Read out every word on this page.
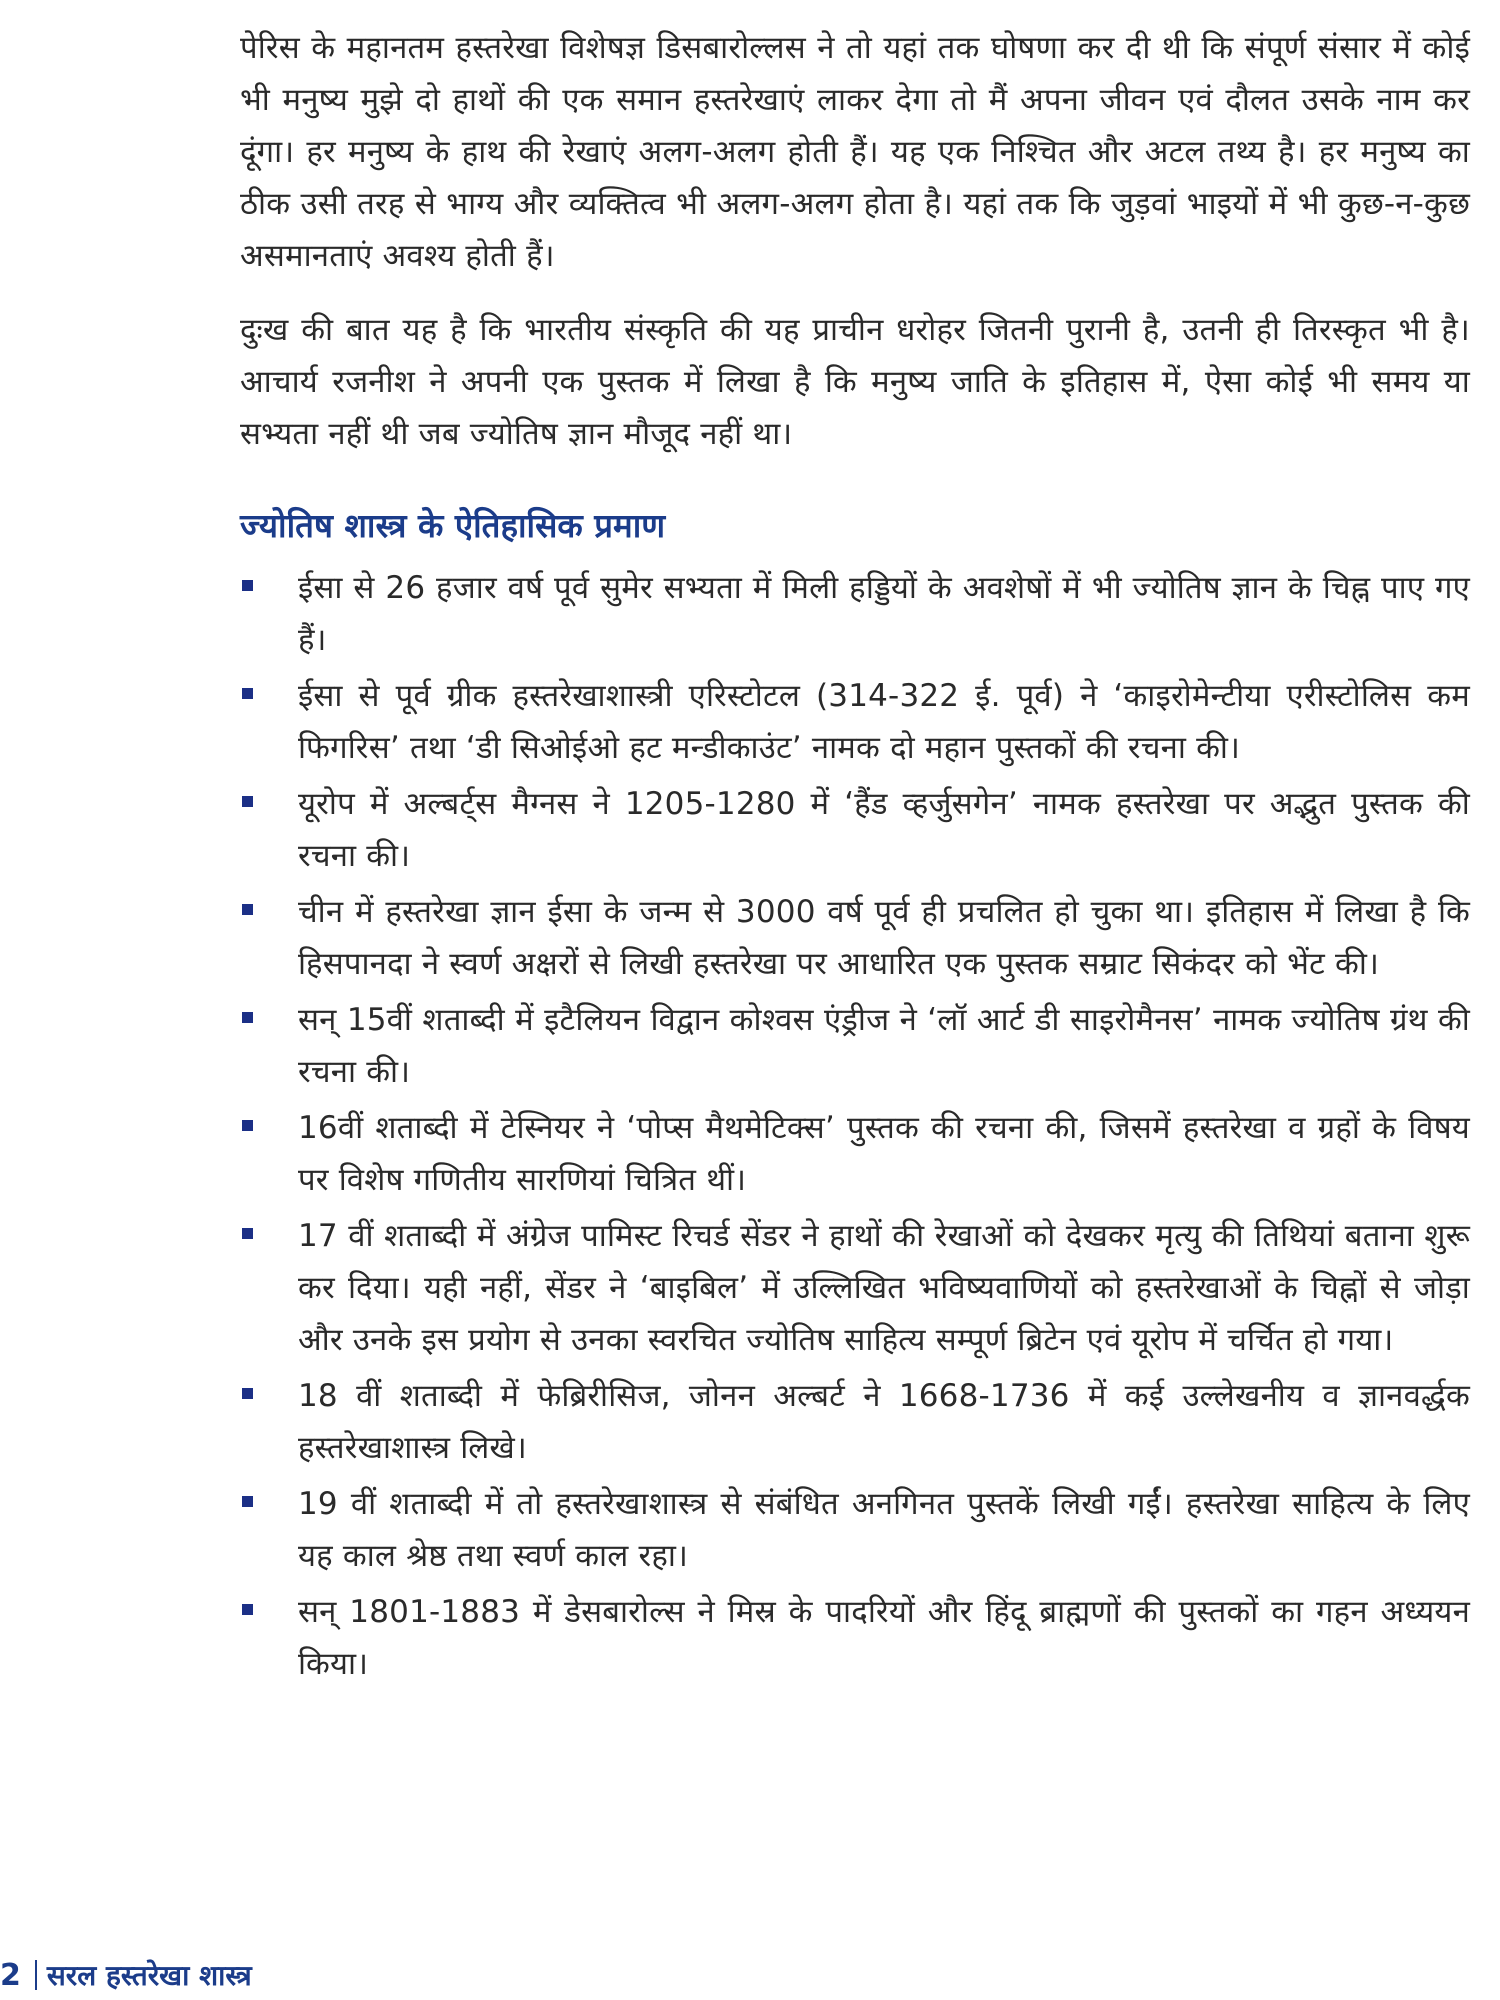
पेरिस के महानतम हस्तरेखा विशेषज्ञ डिसबारोल्लस ने तो यहां तक घोषणा कर दी थी कि संपूर्ण संसार में कोई भी मनुष्य मुझे दो हाथों की एक समान हस्तरेखाएं लाकर देगा तो मैं अपना जीवन एवं दौलत उसके नाम कर दूंगा। हर मनुष्य के हाथ की रेखाएं अलग-अलग होती हैं। यह एक निश्चित और अटल तथ्य है। हर मनुष्य का ठीक उसी तरह से भाग्य और व्यक्तित्व भी अलग-अलग होता है। यहां तक कि जुड़वां भाइयों में भी कुछ-न-कुछ असमानताएं अवश्य होती हैं।

दुःख की बात यह है कि भारतीय संस्कृति की यह प्राचीन धरोहर जितनी पुरानी है, उतनी ही तिरस्कृत भी है। आचार्य रजनीश ने अपनी एक पुस्तक में लिखा है कि मनुष्य जाति के इतिहास में, ऐसा कोई भी समय या सभ्यता नहीं थी जब ज्योतिष ज्ञान मौजूद नहीं था।

ज्योतिष शास्त्र के ऐतिहासिक प्रमाण
ईसा से 26 हजार वर्ष पूर्व सुमेर सभ्यता में मिली हड्डियों के अवशेषों में भी ज्योतिष ज्ञान के चिह्न पाए गए हैं।
ईसा से पूर्व ग्रीक हस्तरेखाशास्त्री एरिस्टोटल (314-322 ई. पूर्व) ने ‘काइरोमेन्टीया एरीस्टोलिस कम फिगरिस’ तथा ‘डी सिओईओ हट मन्डीकाउंट’ नामक दो महान पुस्तकों की रचना की।
यूरोप में अल्बर्ट्स मैग्नस ने 1205-1280 में ‘हैंड व्हर्जुसगेन’ नामक हस्तरेखा पर अद्भुत पुस्तक की रचना की।
चीन में हस्तरेखा ज्ञान ईसा के जन्म से 3000 वर्ष पूर्व ही प्रचलित हो चुका था। इतिहास में लिखा है कि हिसपानदा ने स्वर्ण अक्षरों से लिखी हस्तरेखा पर आधारित एक पुस्तक सम्राट सिकंदर को भेंट की।
सन् 15वीं शताब्दी में इटैलियन विद्वान कोश्वस एंड्रीज ने ‘लॉ आर्ट डी साइरोमैनस’ नामक ज्योतिष ग्रंथ की रचना की।
16वीं शताब्दी में टेस्नियर ने ‘पोप्स मैथमेटिक्स’ पुस्तक की रचना की, जिसमें हस्तरेखा व ग्रहों के विषय पर विशेष गणितीय सारणियां चित्रित थीं।
17 वीं शताब्दी में अंग्रेज पामिस्ट रिचर्ड सेंडर ने हाथों की रेखाओं को देखकर मृत्यु की तिथियां बताना शुरू कर दिया। यही नहीं, सेंडर ने ‘बाइबिल’ में उल्लिखित भविष्यवाणियों को हस्तरेखाओं के चिह्नों से जोड़ा और उनके इस प्रयोग से उनका स्वरचित ज्योतिष साहित्य सम्पूर्ण ब्रिटेन एवं यूरोप में चर्चित हो गया।
18 वीं शताब्दी में फेब्रिरीसिज, जोनन अल्बर्ट ने 1668-1736 में कई उल्लेखनीय व ज्ञानवर्द्धक हस्तरेखाशास्त्र लिखे।
19 वीं शताब्दी में तो हस्तरेखाशास्त्र से संबंधित अनगिनत पुस्तकें लिखी गईं। हस्तरेखा साहित्य के लिए यह काल श्रेष्ठ तथा स्वर्ण काल रहा।
सन् 1801-1883 में डेसबारोल्स ने मिस्र के पादरियों और हिंदू ब्राह्मणों की पुस्तकों का गहन अध्ययन किया।
2 सरल हस्तरेखा शास्त्र
